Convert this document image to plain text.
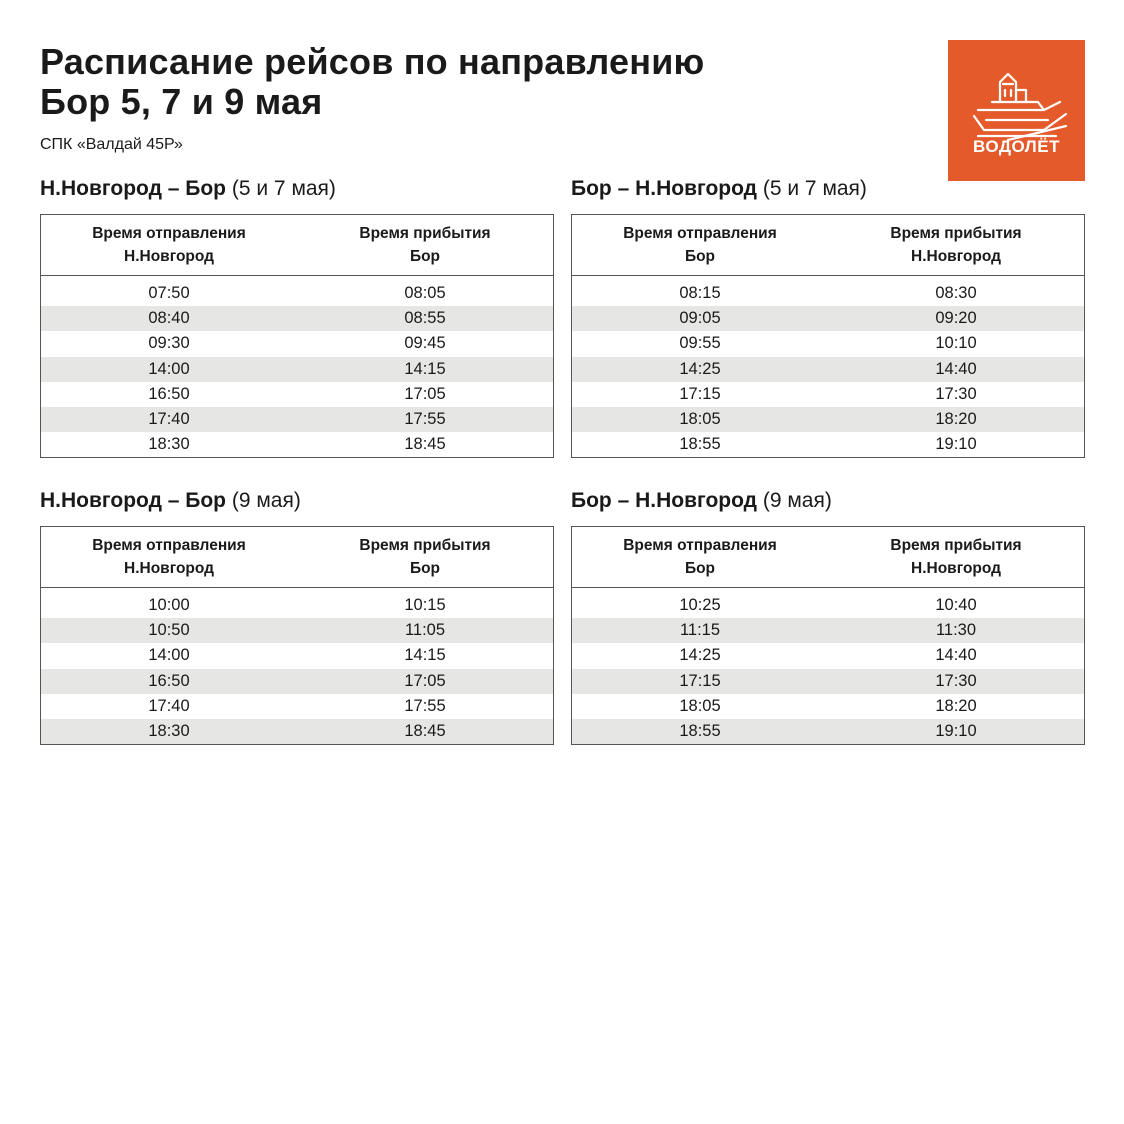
Расписание рейсов по направлению
Бор 5, 7 и 9 мая
СПК «Валдай 45Р»	ВОДОЛЁТ
Н.Новгород – Бор (5 и 7 мая)
Время отправления
Н.Новгород
Время прибытия
Бор
07:50	08:05
08:40	08:55
09:30	09:45
14:00	14:15
16:50	17:05
17:40	17:55
18:30	18:45
Бор – Н.Новгород (5 и 7 мая)
Время отправления
Бор
Время прибытия
Н.Новгород
08:15	08:30
09:05	09:20
09:55	10:10
14:25	14:40
17:15	17:30
18:05	18:20
18:55	19:10
Н.Новгород – Бор (9 мая)
Время отправления
Н.Новгород
Время прибытия
Бор
10:00	10:15
10:50	11:05
14:00	14:15
16:50	17:05
17:40	17:55
18:30	18:45
Бор – Н.Новгород (9 мая)
Время отправления
Бор
Время прибытия
Н.Новгород
10:25	10:40
11:15	11:30
14:25	14:40
17:15	17:30
18:05	18:20
18:55	19:10
